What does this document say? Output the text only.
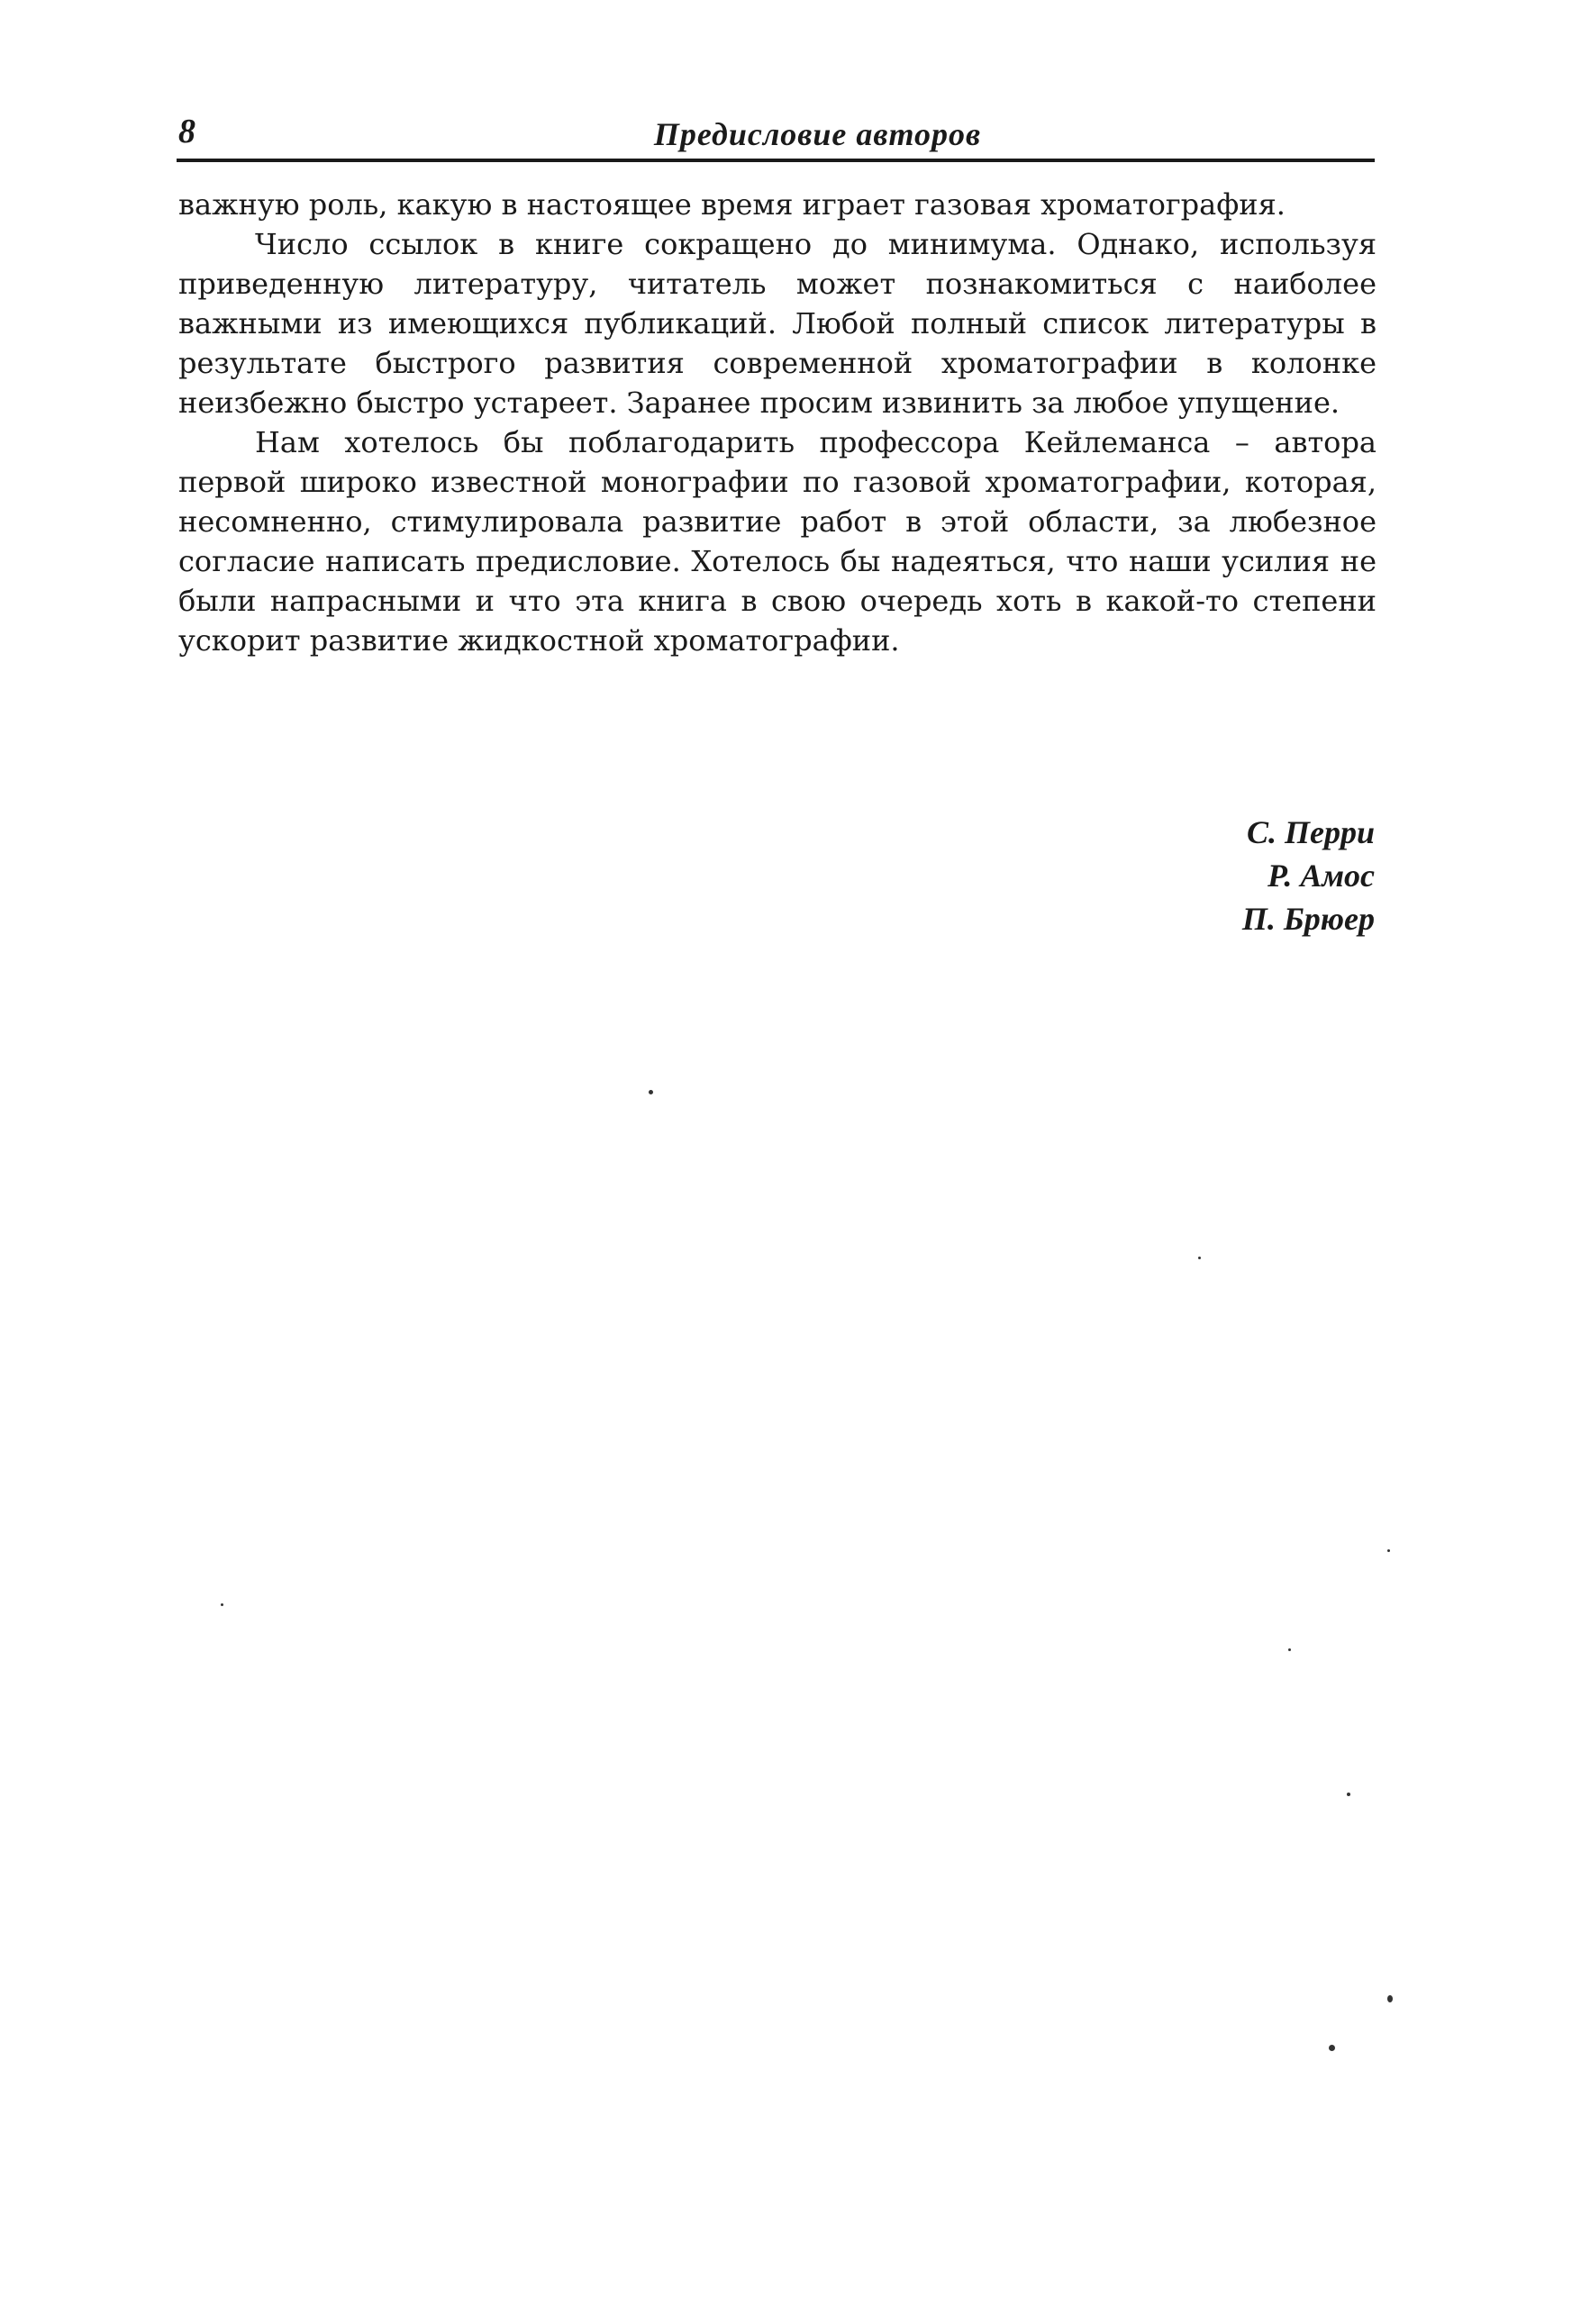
8	Предисловие авторов

важную роль, какую в настоящее время играет газовая хроматография.

Число ссылок в книге сокращено до минимума. Однако, используя приведенную литературу, читатель может познакомиться с наиболее важными из имеющихся публикаций. Любой полный список литературы в результате быстрого развития современной хроматографии в колонке неизбежно быстро устареет. Заранее просим извинить за любое упущение.

Нам хотелось бы поблагодарить профессора Кейлеманса – автора первой широко известной монографии по газовой хроматографии, которая, несомненно, стимулировала развитие работ в этой области, за любезное согласие написать предисловие. Хотелось бы надеяться, что наши усилия не были напрасными и что эта книга в свою очередь хоть в какой-то степени ускорит развитие жидкостной хроматографии.

С. Перри
Р. Амос
П. Брюер
